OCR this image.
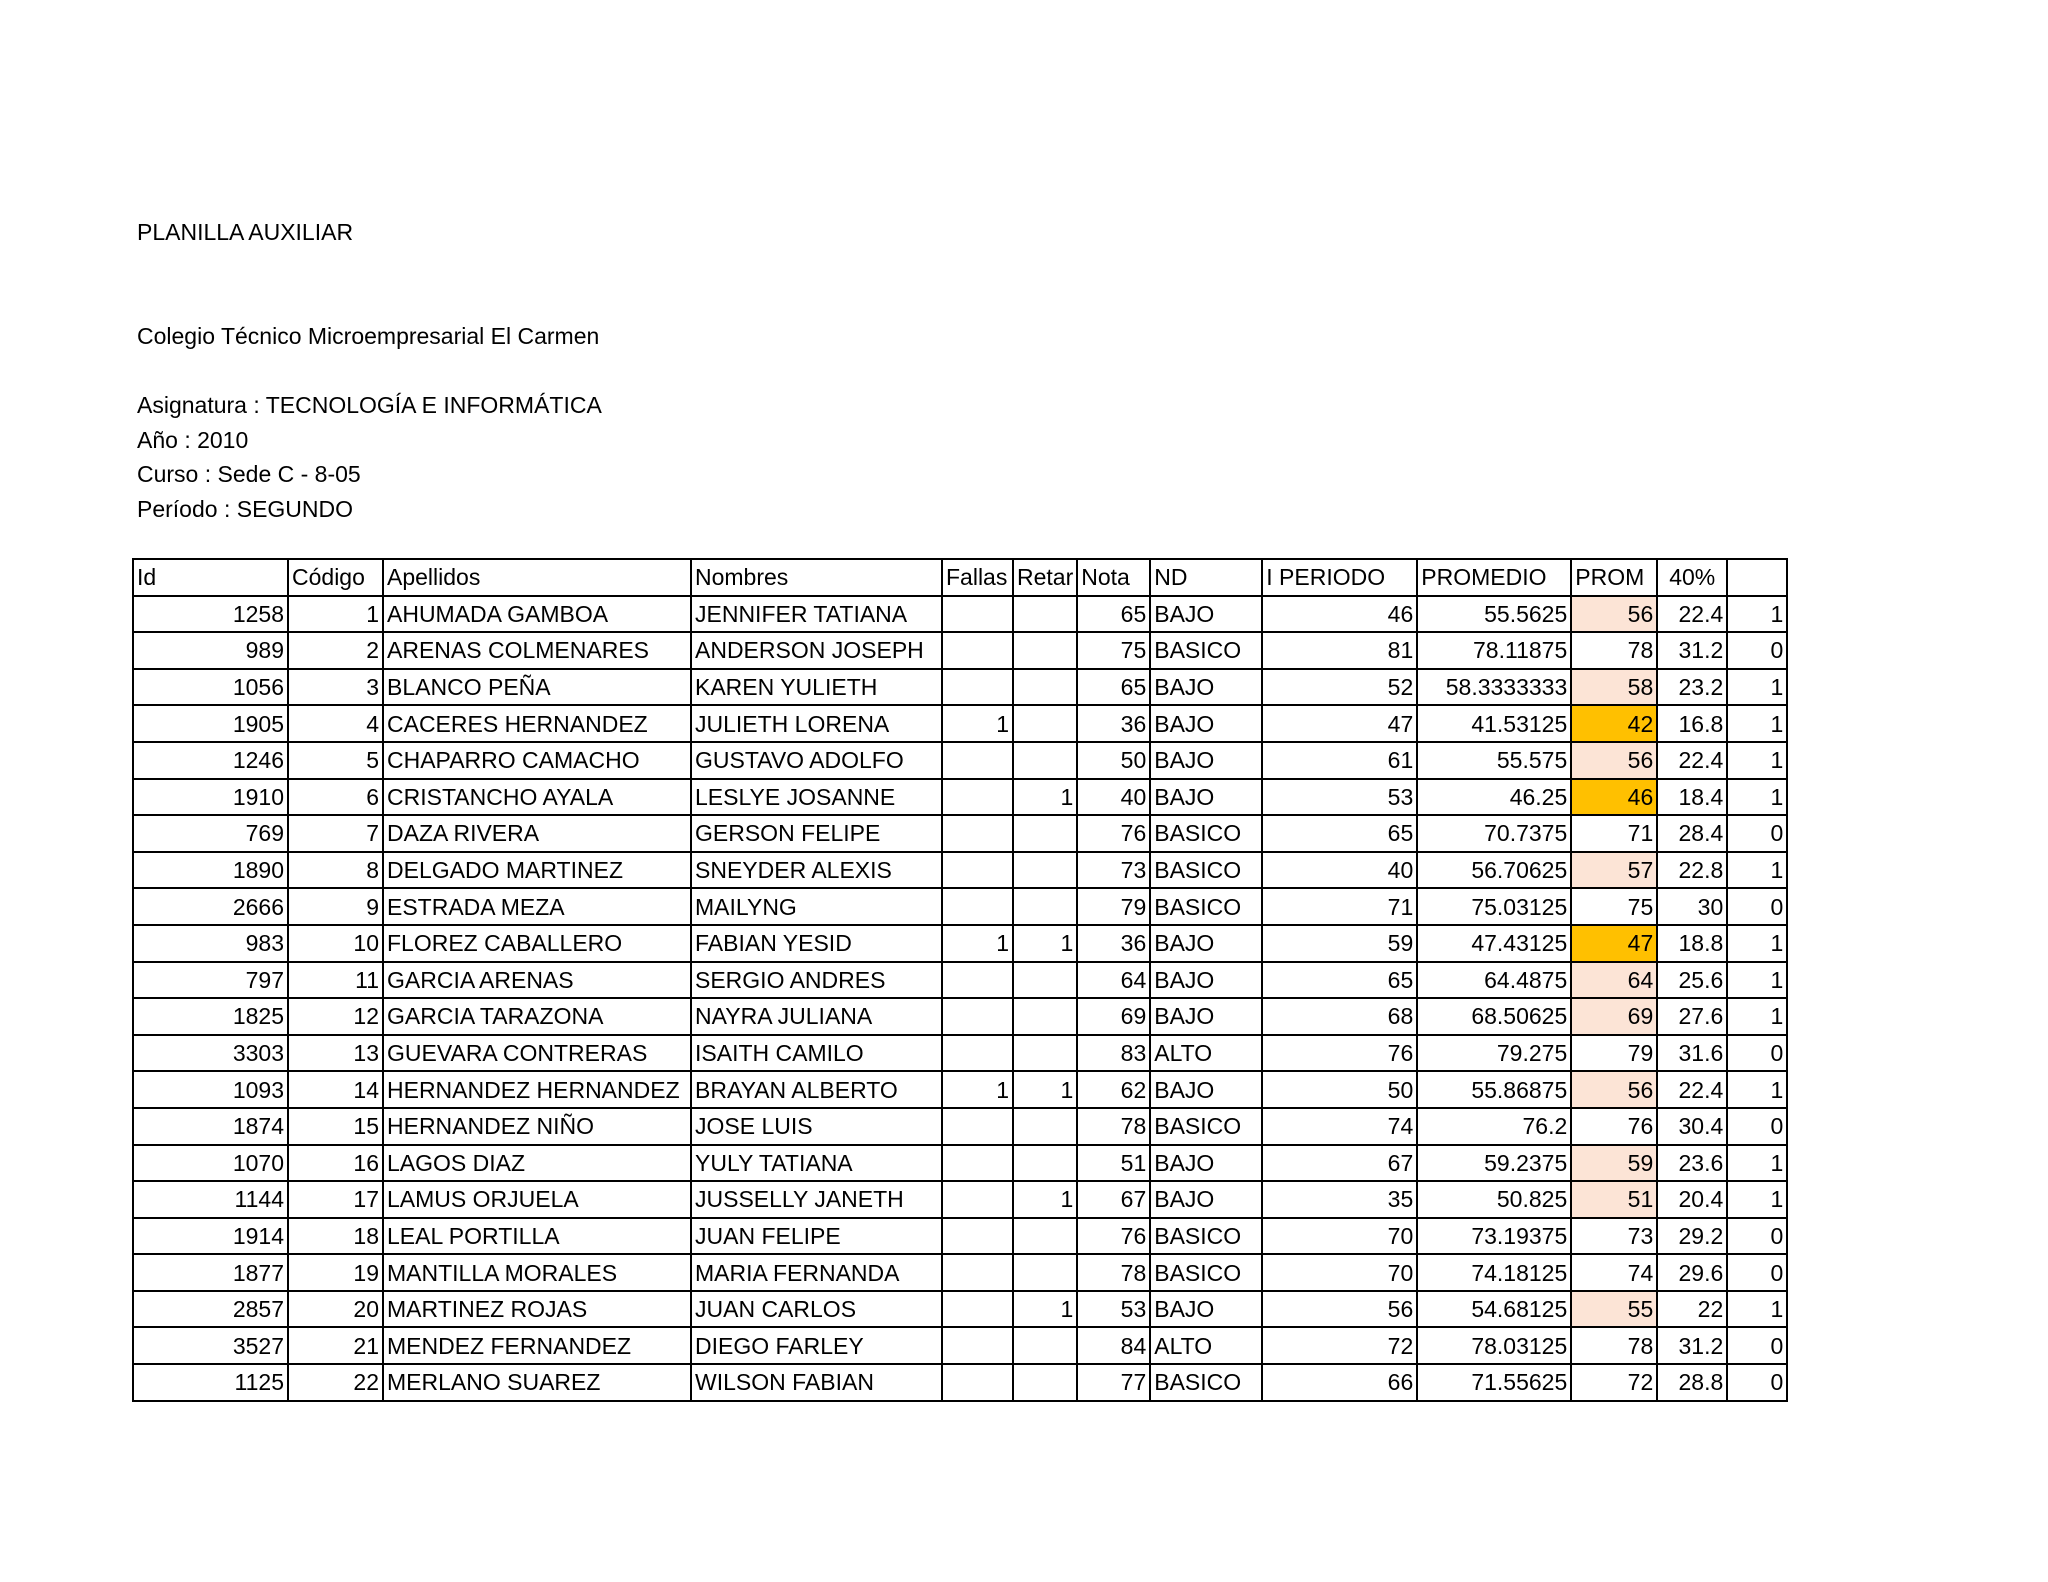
PLANILLA AUXILIAR
Colegio Técnico Microempresarial El Carmen
Asignatura : TECNOLOGÍA E INFORMÁTICA
Año : 2010
Curso : Sede C - 8-05
Período : SEGUNDO
Id	Código	Apellidos	Nombres	Fallas	Retar	Nota	ND	I PERIODO	PROMEDIO	PROM	40%	
1258	1	AHUMADA GAMBOA	JENNIFER TATIANA			65	BAJO	46	55.5625	56	22.4	1
989	2	ARENAS COLMENARES	ANDERSON JOSEPH			75	BASICO	81	78.11875	78	31.2	0
1056	3	BLANCO PEÑA	KAREN YULIETH			65	BAJO	52	58.3333333	58	23.2	1
1905	4	CACERES HERNANDEZ	JULIETH LORENA	1		36	BAJO	47	41.53125	42	16.8	1
1246	5	CHAPARRO CAMACHO	GUSTAVO ADOLFO			50	BAJO	61	55.575	56	22.4	1
1910	6	CRISTANCHO AYALA	LESLYE JOSANNE		1	40	BAJO	53	46.25	46	18.4	1
769	7	DAZA RIVERA	GERSON FELIPE			76	BASICO	65	70.7375	71	28.4	0
1890	8	DELGADO MARTINEZ	SNEYDER ALEXIS			73	BASICO	40	56.70625	57	22.8	1
2666	9	ESTRADA MEZA	MAILYNG			79	BASICO	71	75.03125	75	30	0
983	10	FLOREZ CABALLERO	FABIAN YESID	1	1	36	BAJO	59	47.43125	47	18.8	1
797	11	GARCIA ARENAS	SERGIO ANDRES			64	BAJO	65	64.4875	64	25.6	1
1825	12	GARCIA TARAZONA	NAYRA JULIANA			69	BAJO	68	68.50625	69	27.6	1
3303	13	GUEVARA CONTRERAS	ISAITH CAMILO			83	ALTO	76	79.275	79	31.6	0
1093	14	HERNANDEZ HERNANDEZ	BRAYAN ALBERTO	1	1	62	BAJO	50	55.86875	56	22.4	1
1874	15	HERNANDEZ NIÑO	JOSE LUIS			78	BASICO	74	76.2	76	30.4	0
1070	16	LAGOS DIAZ	YULY TATIANA			51	BAJO	67	59.2375	59	23.6	1
1144	17	LAMUS ORJUELA	JUSSELLY JANETH		1	67	BAJO	35	50.825	51	20.4	1
1914	18	LEAL PORTILLA	JUAN FELIPE			76	BASICO	70	73.19375	73	29.2	0
1877	19	MANTILLA MORALES	MARIA FERNANDA			78	BASICO	70	74.18125	74	29.6	0
2857	20	MARTINEZ ROJAS	JUAN CARLOS		1	53	BAJO	56	54.68125	55	22	1
3527	21	MENDEZ FERNANDEZ	DIEGO FARLEY			84	ALTO	72	78.03125	78	31.2	0
1125	22	MERLANO SUAREZ	WILSON FABIAN			77	BASICO	66	71.55625	72	28.8	0
